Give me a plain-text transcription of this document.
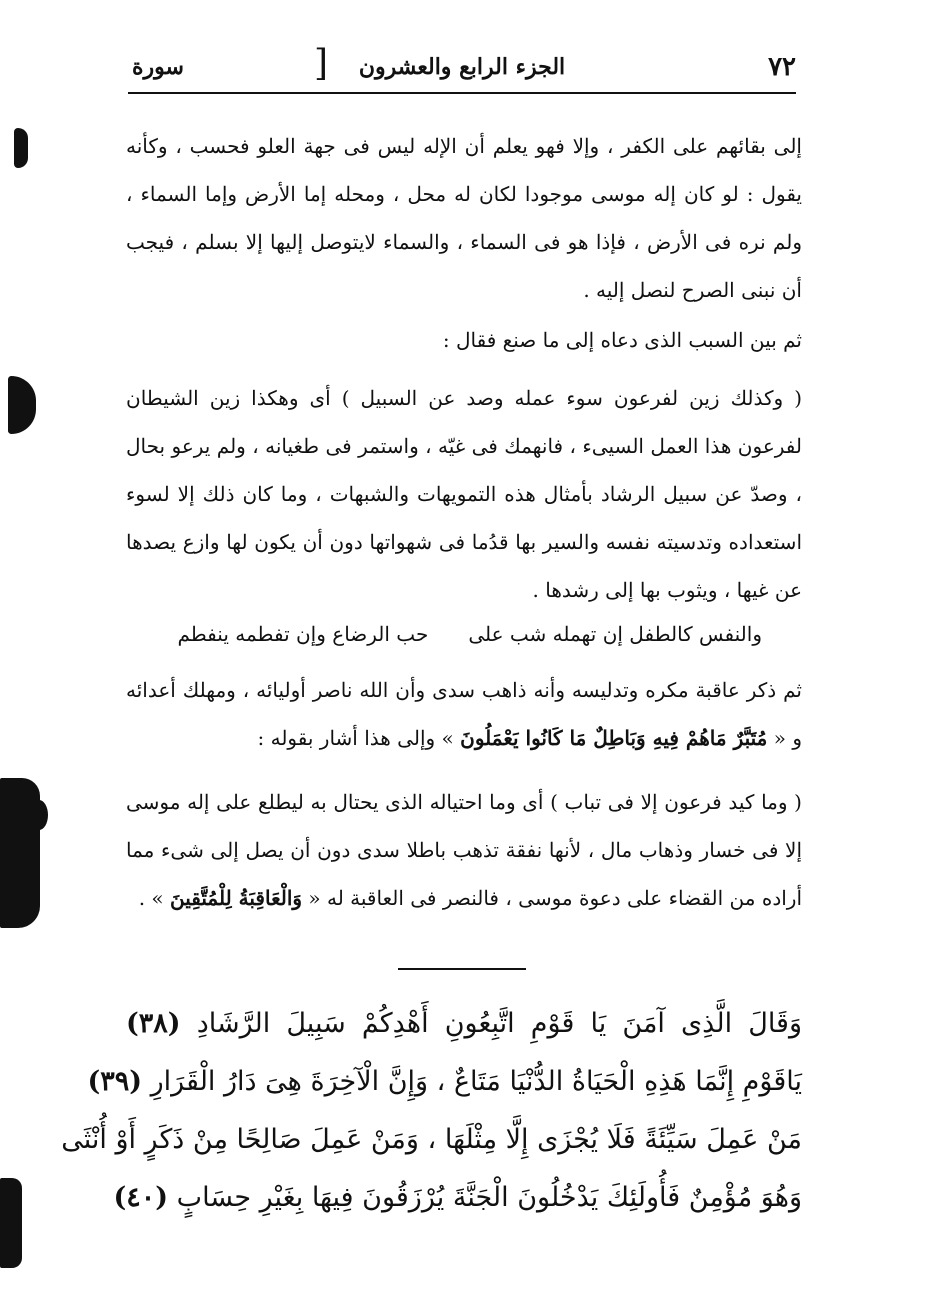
٧٢
الجزء الرابع والعشرون
[
سورة

إلى بقائهم على الكفر ، وإلا فهو يعلم أن الإله ليس فى جهة العلو فحسب ، وكأنه يقول : لو كان إله موسى موجودا لكان له محل ، ومحله إما الأرض وإما السماء ، ولم نره فى الأرض ، فإذا هو فى السماء ، والسماء لايتوصل إليها إلا بسلم ، فيجب أن نبنى الصرح لنصل إليه .

ثم بين السبب الذى دعاه إلى ما صنع فقال :

( وكذلك زين لفرعون سوء عمله وصد عن السبيل ) أى وهكذا زين الشيطان لفرعون هذا العمل السيىء ، فانهمك فى غيّه ، واستمر فى طغيانه ، ولم يرعو بحال ، وصدّ عن سبيل الرشاد بأمثال هذه التمويهات والشبهات ، وما كان ذلك إلا لسوء استعداده وتدسيته نفسه والسير بها قدُما فى شهواتها دون أن يكون لها وازع يصدها عن غيها ، ويثوب بها إلى رشدها .

والنفس كالطفل إن تهمله شب على
حب الرضاع وإن تفطمه ينفطم

ثم ذكر عاقبة مكره وتدليسه وأنه ذاهب سدى وأن الله ناصر أوليائه ، ومهلك أعدائه و « مُتَبَّرٌ مَاهُمْ فِيهِ وَبَاطِلٌ مَا كَانُوا يَعْمَلُونَ » وإلى هذا أشار بقوله :

( وما كيد فرعون إلا فى تباب ) أى وما احتياله الذى يحتال به ليطلع على إله موسى إلا فى خسار وذهاب مال ، لأنها نفقة تذهب باطلا سدى دون أن يصل إلى شىء مما أراده من القضاء على دعوة موسى ، فالنصر فى العاقبة له « وَالْعَاقِبَةُ لِلْمُتَّقِينَ » .

وَقَالَ الَّذِى آمَنَ يَا قَوْمِ اتَّبِعُونِ أَهْدِكُمْ سَبِيلَ الرَّشَادِ (٣٨)
يَاقَوْمِ إِنَّمَا هَذِهِ الْحَيَاةُ الدُّنْيَا مَتَاعٌ ، وَإِنَّ الْآخِرَةَ هِىَ دَارُ الْقَرَارِ (٣٩)
مَنْ عَمِلَ سَيِّئَةً فَلَا يُجْزَى إِلَّا مِثْلَهَا ، وَمَنْ عَمِلَ صَالِحًا مِنْ ذَكَرٍ أَوْ أُنْثَى
وَهُوَ مُؤْمِنٌ فَأُولَئِكَ يَدْخُلُونَ الْجَنَّةَ يُرْزَقُونَ فِيهَا بِغَيْرِ حِسَابٍ (٤٠)
